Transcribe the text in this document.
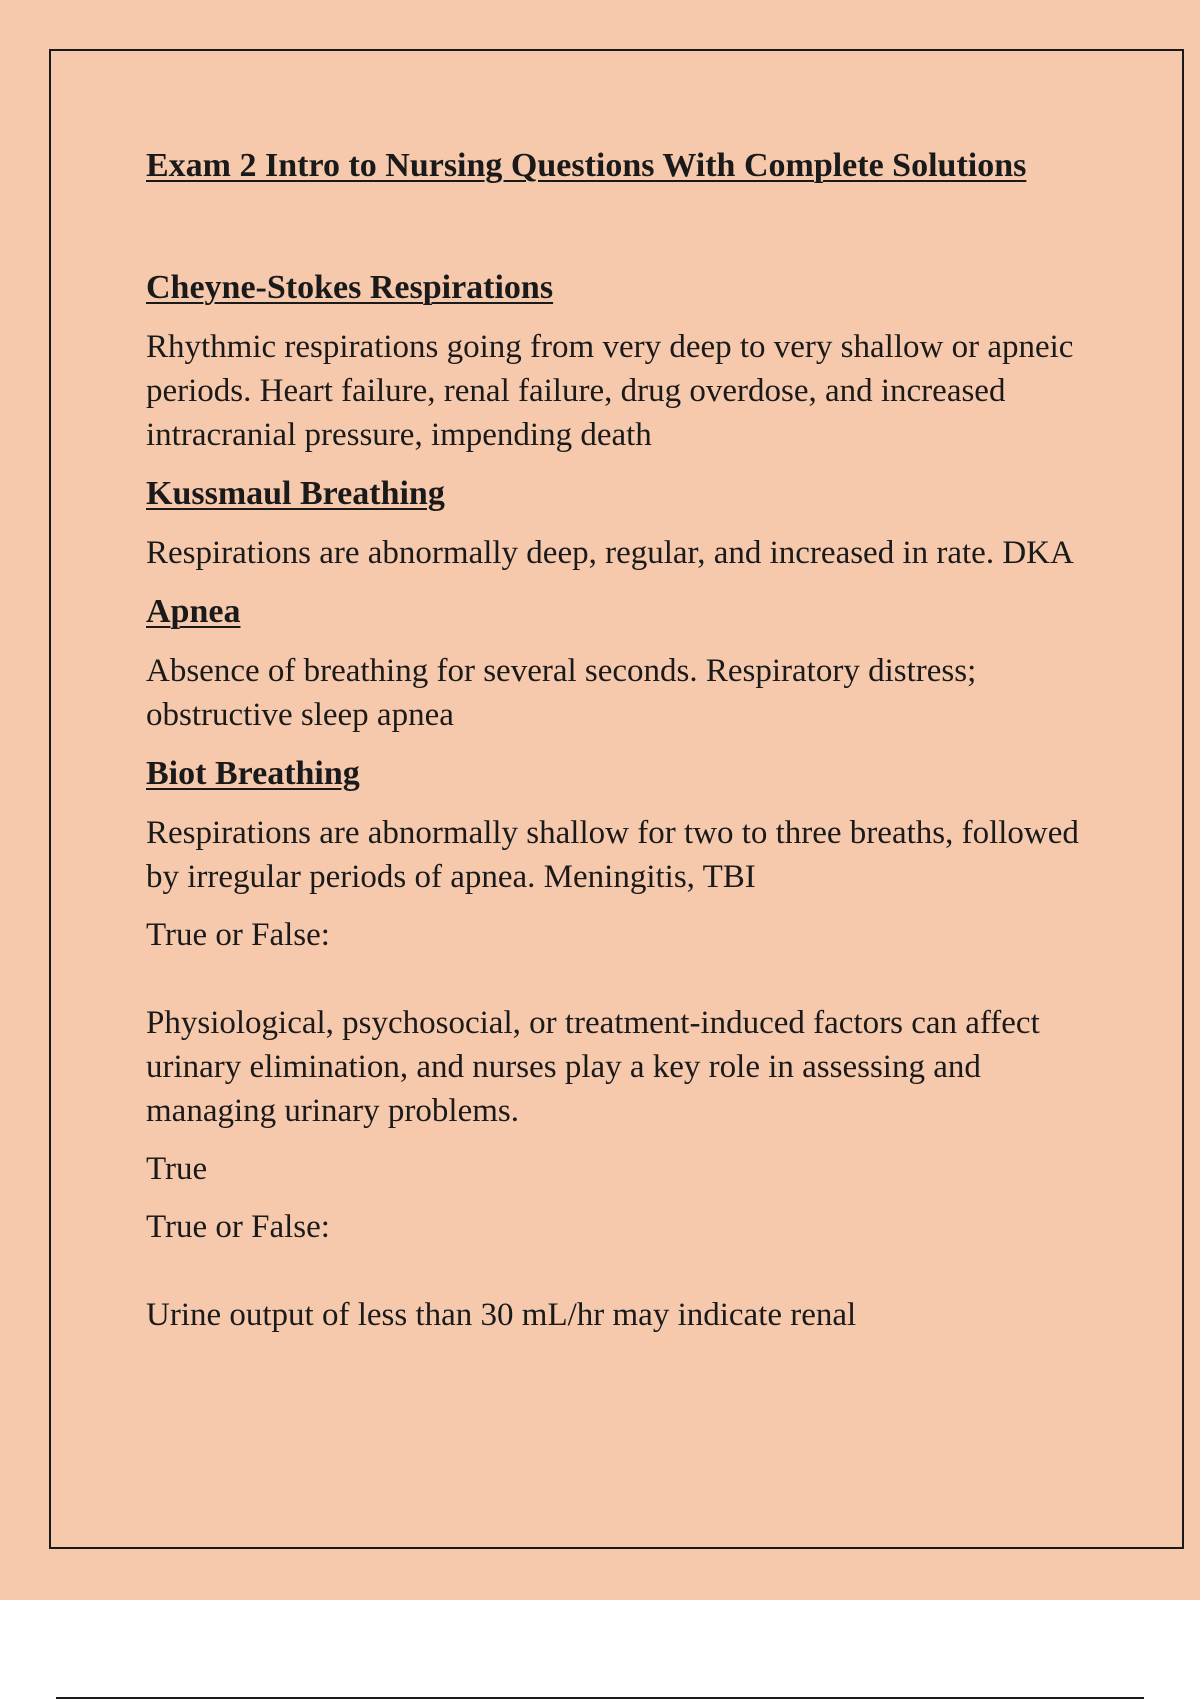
Exam 2 Intro to Nursing Questions With Complete Solutions
Cheyne-Stokes Respirations
Rhythmic respirations going from very deep to very shallow or apneic periods. Heart failure, renal failure, drug overdose, and increased intracranial pressure, impending death
Kussmaul Breathing
Respirations are abnormally deep, regular, and increased in rate. DKA
Apnea
Absence of breathing for several seconds. Respiratory distress; obstructive sleep apnea
Biot Breathing
Respirations are abnormally shallow for two to three breaths, followed by irregular periods of apnea. Meningitis, TBI
True or False:
Physiological, psychosocial, or treatment-induced factors can affect urinary elimination, and nurses play a key role in assessing and managing urinary problems.
True
True or False:
Urine output of less than 30 mL/hr may indicate renal
